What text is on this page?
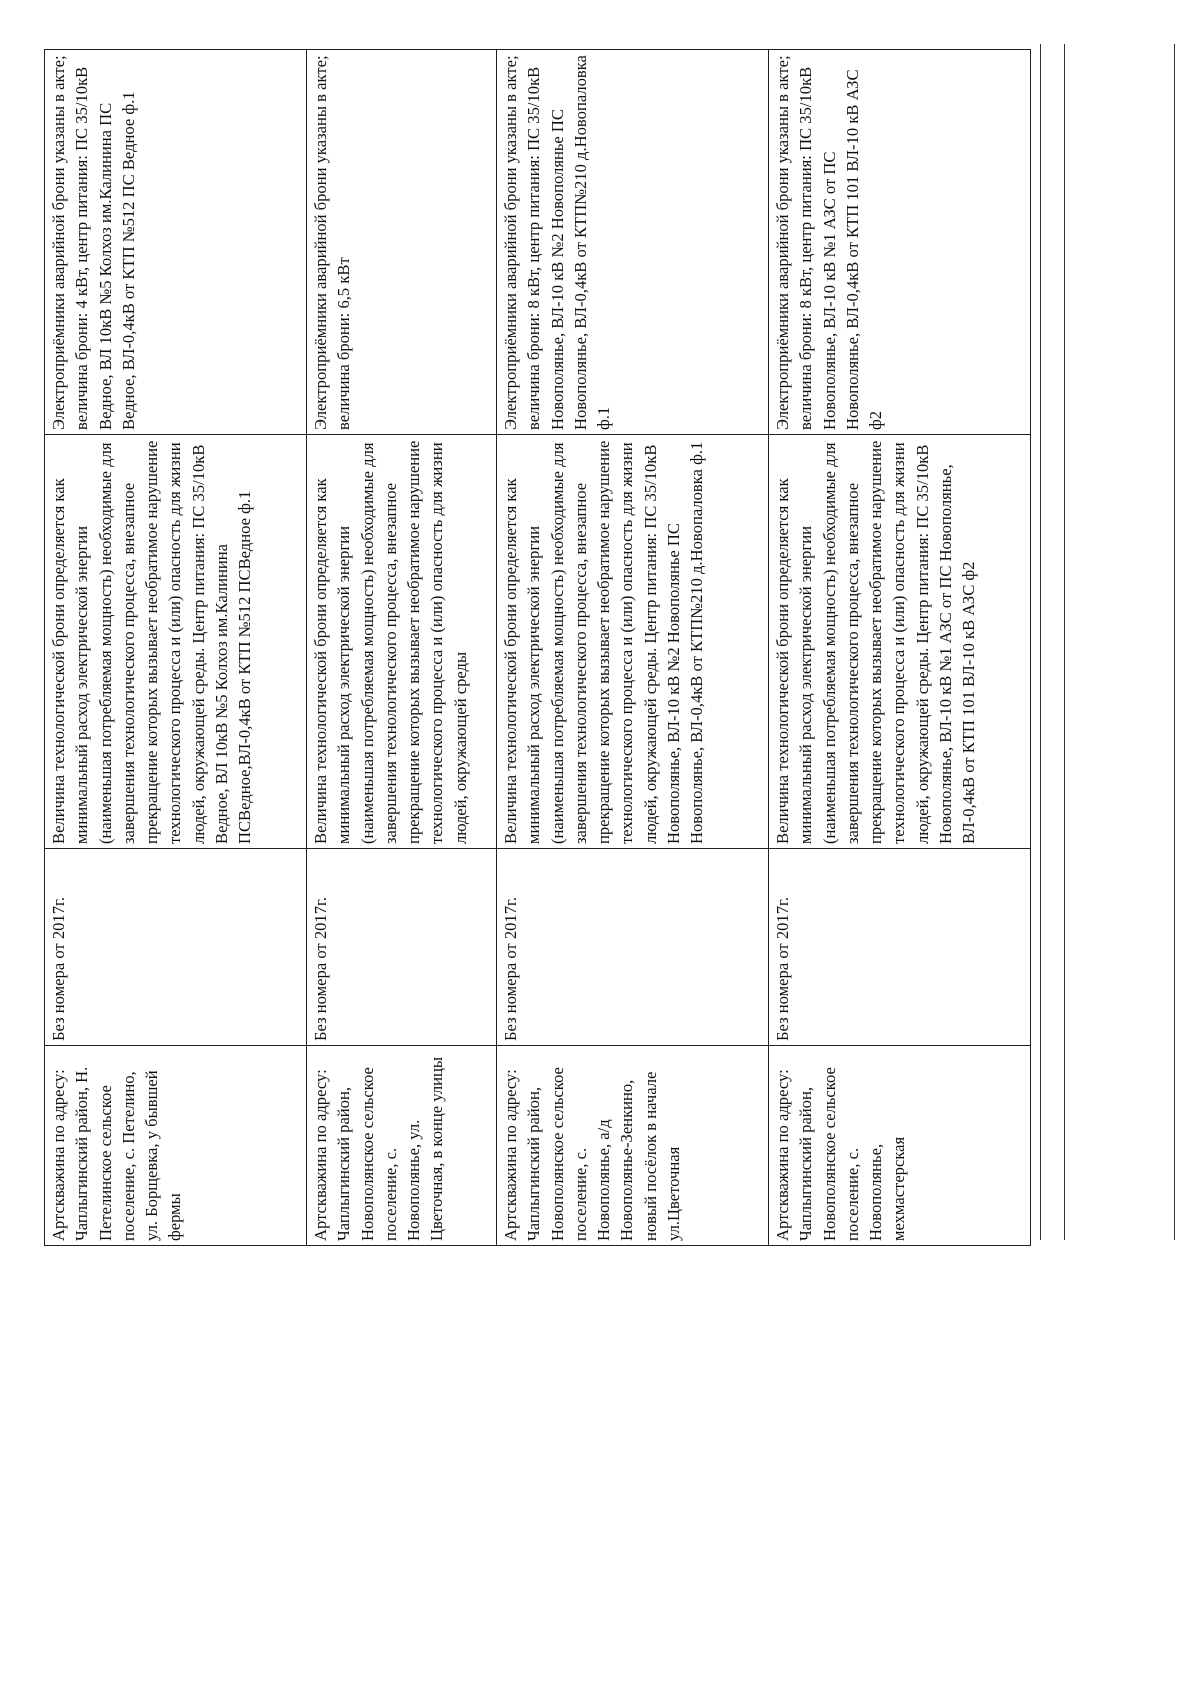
Артскважина по адресу: Чаплыгинский район, Н. Петелинское сельское поселение, с. Петелино, ул. Борщевка, у бывшей фермы	Без номера от 2017г.	Величина технологической брони определяется как минимальный расход электрической энергии (наименьшая потребляемая мощность) необходимые для завершения технологического процесса, внезапное прекращение которых вызывает необратимое нарушение технологического процесса и (или) опасность для жизни людей, окружающей среды. Центр питания: ПС 35/10кВ Ведное, ВЛ 10кВ №5 Колхоз им.Калинина ПСВедное,ВЛ-0,4кВ от КТП №512 ПСВедное ф.1	Электроприёмники аварийной брони указаны в акте; величина брони: 4 кВт, центр питания: ПС 35/10кВ Ведное, ВЛ 10кВ №5 Колхоз им.Калинина ПС Ведное, ВЛ-0,4кВ от КТП №512 ПС Ведное ф.1
Артскважина по адресу: Чаплыгинский район, Новополянское сельское поселение, с. Новополянье, ул. Цветочная, в конце улицы	Без номера от 2017г.	Величина технологической брони определяется как минимальный расход электрической энергии (наименьшая потребляемая мощность) необходимые для завершения технологического процесса, внезапное прекращение которых вызывает необратимое нарушение технологического процесса и (или) опасность для жизни людей, окружающей среды	Электроприёмники аварийной брони указаны в акте; величина брони: 6,5 кВт
Артскважина по адресу: Чаплыгинский район, Новополянское сельское поселение, с. Новополянье, а/д Новополянье-Зенкино, новый посёлок в начале ул.Цветочная	Без номера от 2017г.	Величина технологической брони определяется как минимальный расход электрической энергии (наименьшая потребляемая мощность) необходимые для завершения технологического процесса, внезапное прекращение которых вызывает необратимое нарушение технологического процесса и (или) опасность для жизни людей, окружающей среды. Центр питания: ПС 35/10кВ Новополянье, ВЛ-10 кВ №2 Новополянье ПС Новополянье, ВЛ-0,4кВ от КТП№210 д.Новопаловка ф.1	Электроприёмники аварийной брони указаны в акте; величина брони: 8 кВт, центр питания: ПС 35/10кВ Новополянье, ВЛ-10 кВ №2 Новополянье ПС Новополянье, ВЛ-0,4кВ от КТП№210 д.Новопаловка ф.1
Артскважина по адресу: Чаплыгинский район, Новополянское сельское поселение, с. Новополянье, мехмастерская	Без номера от 2017г.	Величина технологической брони определяется как минимальный расход электрической энергии (наименьшая потребляемая мощность) необходимые для завершения технологического процесса, внезапное прекращение которых вызывает необратимое нарушение технологического процесса и (или) опасность для жизни людей, окружающей среды. Центр питания: ПС 35/10кВ Новополянье, ВЛ-10 кВ №1 АЗС от ПС Новополянье, ВЛ-0,4кВ от КТП 101 ВЛ-10 кВ АЗС ф2	Электроприёмники аварийной брони указаны в акте; величина брони: 8 кВт, центр питания: ПС 35/10кВ Новополянье, ВЛ-10 кВ №1 АЗС от ПС Новополянье, ВЛ-0,4кВ от КТП 101 ВЛ-10 кВ АЗС ф2
